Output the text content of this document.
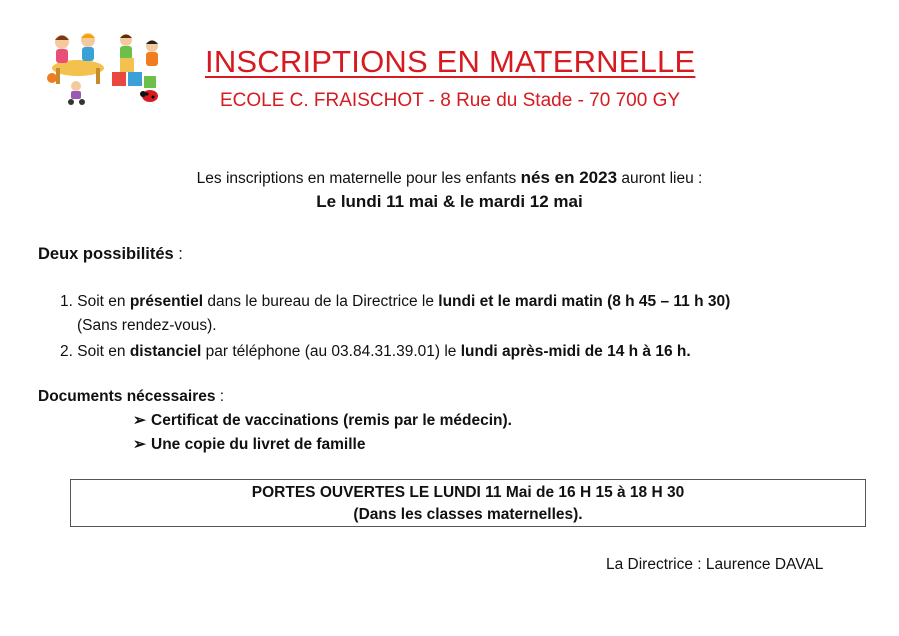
INSCRIPTIONS EN MATERNELLE
ECOLE C. FRAISCHOT - 8 Rue du Stade - 70 700 GY
Les inscriptions en maternelle pour les enfants nés en 2023 auront lieu :
Le lundi 11 mai & le mardi 12 mai
Deux possibilités :
1. Soit en présentiel dans le bureau de la Directrice le lundi et le mardi matin (8 h 45 – 11 h 30)
(Sans rendez-vous).
2. Soit en distanciel par téléphone (au 03.84.31.39.01) le lundi après-midi de 14 h à 16 h.
Documents nécessaires :
➢ Certificat de vaccinations (remis par le médecin).
➢ Une copie du livret de famille
PORTES OUVERTES LE LUNDI 11 Mai de 16 H 15 à 18 H 30
(Dans les classes maternelles).
La Directrice : Laurence DAVAL
